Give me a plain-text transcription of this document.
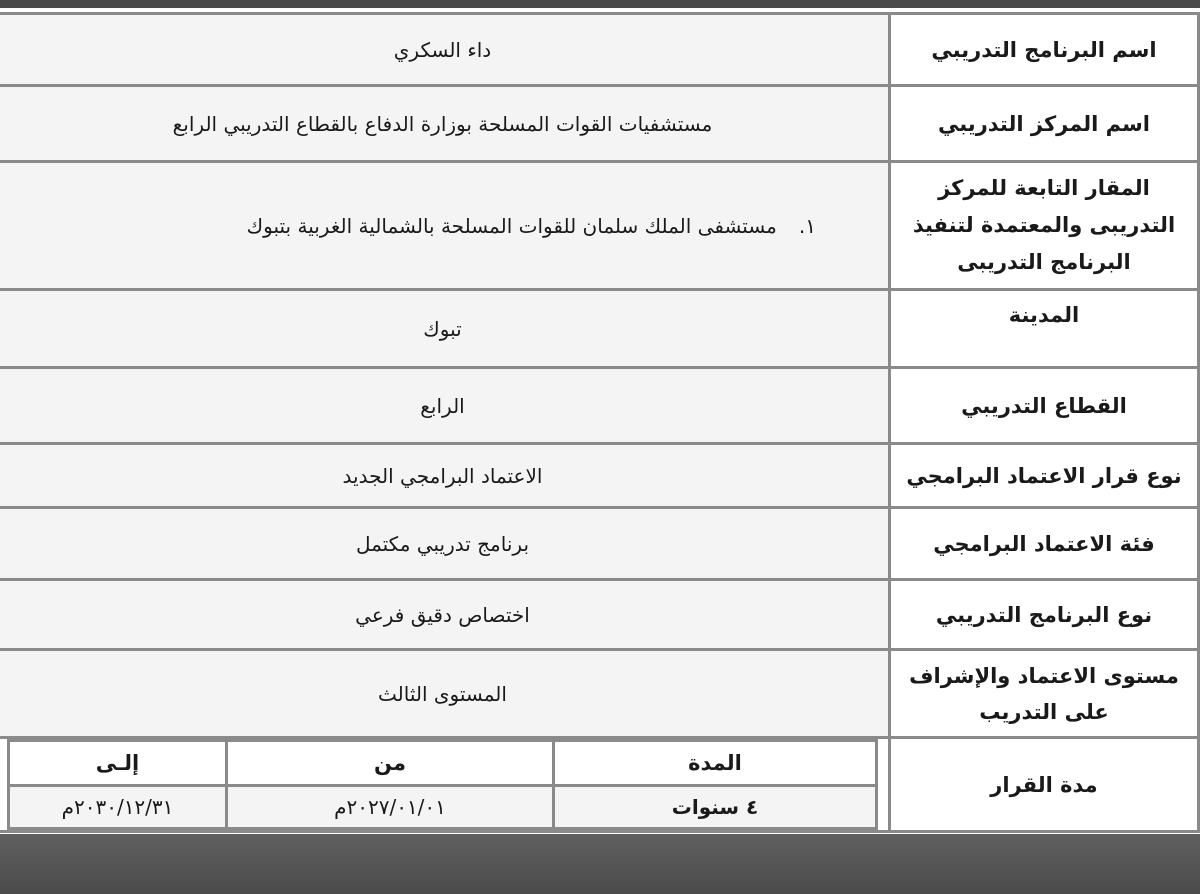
اسم البرنامج التدريبي	داء السكري
اسم المركز التدريبي	مستشفيات القوات المسلحة بوزارة الدفاع بالقطاع التدريبي الرابع
المقار التابعة للمركز التدريبى والمعتمدة لتنفيذ البرنامج التدريبى	١.مستشفى الملك سلمان للقوات المسلحة بالشمالية الغربية بتبوك
المدينة	تبوك
القطاع التدريبي	الرابع
نوع قرار الاعتماد البرامجي	الاعتماد البرامجي الجديد
فئة الاعتماد البرامجي	برنامج تدريبي مكتمل
نوع البرنامج التدريبي	اختصاص دقيق فرعي
مستوى الاعتماد والإشراف على التدريب	المستوى الثالث
مدة القرار	
المدة	من	إلـى
٤ سنوات	٢٠٢٧/٠١/٠١م	٢٠٣٠/١٢/٣١م
